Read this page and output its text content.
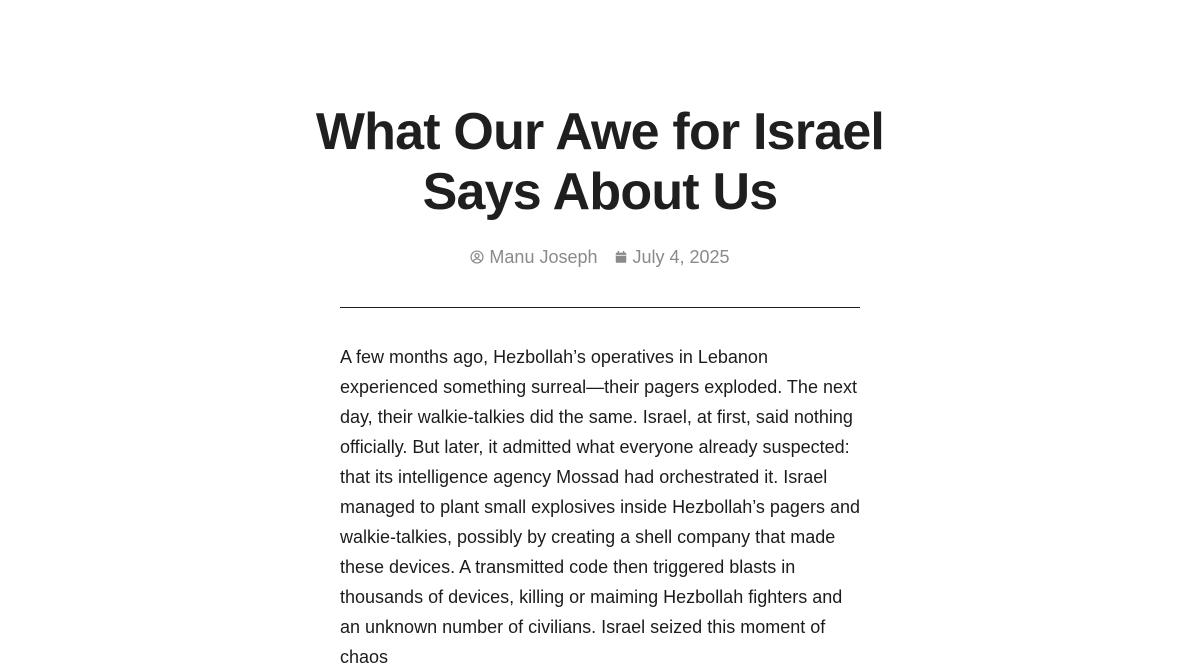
What Our Awe for Israel Says About Us
Manu Joseph July 4, 2025

A few months ago, Hezbollah’s operatives in Lebanon experienced something surreal—their pagers exploded. The next day, their walkie-talkies did the same. Israel, at first, said nothing officially. But later, it admitted what everyone already suspected: that its intelligence agency Mossad had orchestrated it. Israel managed to plant small explosives inside Hezbollah’s pagers and walkie-talkies, possibly by creating a shell company that made these devices. A transmitted code then triggered blasts in thousands of devices, killing or maiming Hezbollah fighters and an unknown number of civilians. Israel seized this moment of chaos
